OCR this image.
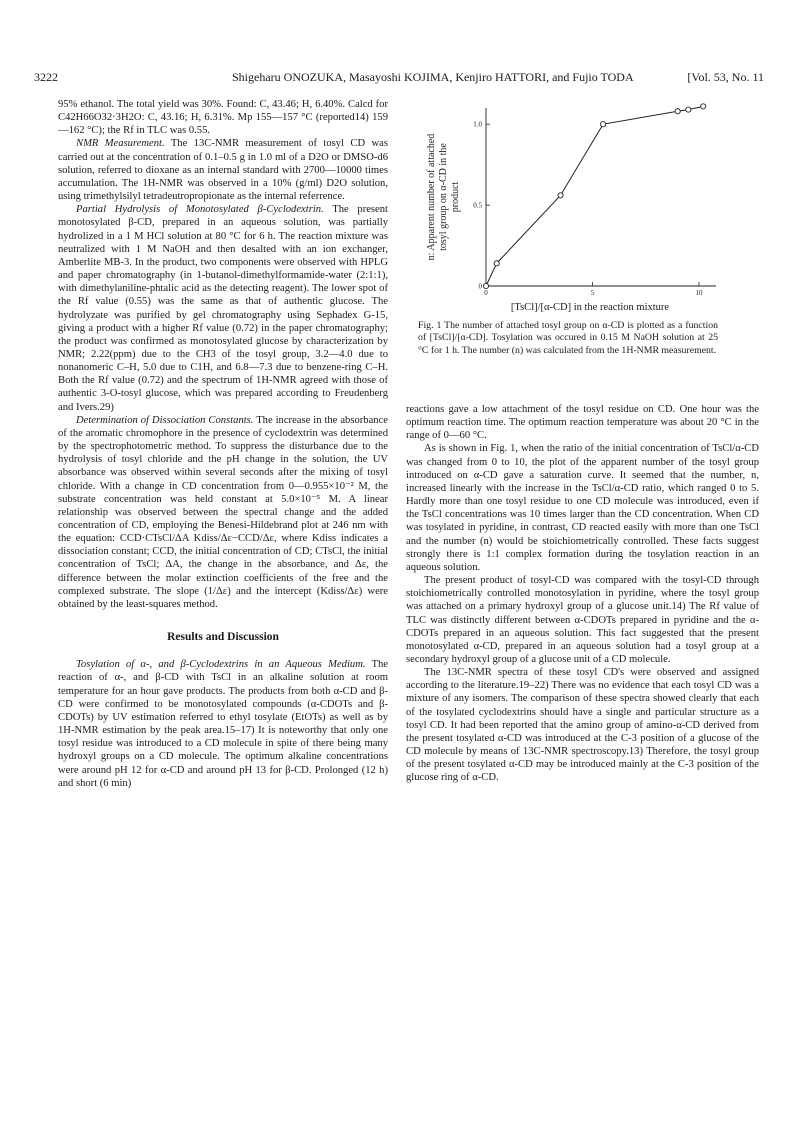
3222	Shigeharu ONOZUKA, Masayoshi KOJIMA, Kenjiro HATTORI, and Fujio TODA	[Vol. 53, No. 11

95% ethanol. The total yield was 30%. Found: C, 43.46; H, 6.40%. Calcd for C42H66O32·3H2O: C, 43.16; H, 6.31%. Mp 155—157 °C (reported14) 159—162 °C); the Rf in TLC was 0.55.

NMR Measurement. The 13C-NMR measurement of tosyl CD was carried out at the concentration of 0.1–0.5 g in 1.0 ml of a D2O or DMSO-d6 solution, referred to dioxane as an internal standard with 2700—10000 times accumulation. The 1H-NMR was observed in a 10% (g/ml) D2O solution, using trimethylsilyl tetradeutropropionate as the internal referrence.

Partial Hydrolysis of Monotosylated β-Cyclodextrin. The present monotosylated β-CD, prepared in an aqueous solution, was partially hydrolized in a 1 M HCl solution at 80 °C for 6 h. The reaction mixture was neutralized with 1 M NaOH and then desalted with an ion exchanger, Amberlite MB-3. In the product, two components were observed with HPLG and paper chromatography (in 1-butanol-dimethylformamide-water (2:1:1), with dimethylaniline-phtalic acid as the detecting reagent). The lower spot of the Rf value (0.55) was the same as that of authentic glucose. The hydrolyzate was purified by gel chromatography using Sephadex G-15, giving a product with a higher Rf value (0.72) in the paper chromatography; the product was confirmed as monotosylated glucose by characterization by NMR; 2.22(ppm) due to the CH3 of the tosyl group, 3.2—4.0 due to nonanomeric C–H, 5.0 due to C1H, and 6.8—7.3 due to benzene-ring C–H. Both the Rf value (0.72) and the spectrum of 1H-NMR agreed with those of authentic 3-O-tosyl glucose, which was prepared according to Freudenberg and Ivers.29)

Determination of Dissociation Constants. The increase in the absorbance of the aromatic chromophore in the presence of cyclodextrin was determined by the spectrophotometric method. To suppress the disturbance due to the hydrolysis of tosyl chloride and the pH change in the solution, the UV absorbance was observed within several seconds after the mixing of tosyl chloride. With a change in CD concentration from 0—0.955×10⁻² M, the substrate concentration was held constant at 5.0×10⁻⁵ M. A linear relationship was observed between the spectral change and the added concentration of CD, employing the Benesi-Hildebrand plot at 246 nm with the equation: CCD·CTsCl/ΔA Kdiss/Δε−CCD/Δε, where Kdiss indicates a dissociation constant; CCD, the initial concentration of CD; CTsCl, the initial concentration of TsCl; ΔA, the change in the absorbance, and Δε, the difference between the molar extinction coefficients of the free and the complexed substrate. The slope (1/Δε) and the intercept (Kdiss/Δε) were obtained by the least-squares method.

Results and Discussion

Tosylation of α-, and β-Cyclodextrins in an Aqueous Medium. The reaction of α-, and β-CD with TsCl in an alkaline solution at room temperature for an hour gave products. The products from both α-CD and β-CD were confirmed to be monotosylated compounds (α-CDOTs and β-CDOTs) by UV estimation referred to ethyl tosylate (EtOTs) as well as by 1H-NMR estimation by the peak area.15–17) It is noteworthy that only one tosyl residue was introduced to a CD molecule in spite of there being many hydroxyl groups on a CD molecule. The optimum alkaline concentrations were around pH 12 for α-CD and around pH 13 for β-CD. Prolonged (12 h) and short (6 min)

0	5	10
0
0.5
1.0
n: Apparent number of attachedtosyl group on α-CD in theproduct
[TsCl]/[α-CD] in the reaction mixture
Fig. 1 The number of attached tosyl group on α-CD is plotted as a function of [TsCl]/[α-CD]. Tosylation was occured in 0.15 M NaOH solution at 25 °C for 1 h. The number (n) was calculated from the 1H-NMR measurement.

reactions gave a low attachment of the tosyl residue on CD. One hour was the optimum reaction time. The optimum reaction temperature was about 20 °C in the range of 0—60 °C.

As is shown in Fig. 1, when the ratio of the initial concentration of TsCl/α-CD was changed from 0 to 10, the plot of the apparent number of the tosyl group introduced on α-CD gave a saturation curve. It seemed that the number, n, increased linearly with the increase in the TsCl/α-CD ratio, which ranged 0 to 5. Hardly more than one tosyl residue to one CD molecule was introduced, even if the TsCl concentrations was 10 times larger than the CD concentration. When CD was tosylated in pyridine, in contrast, CD reacted easily with more than one TsCl and the number (n) would be stoichiometrically controlled. These facts suggest strongly there is 1:1 complex formation during the tosylation reaction in an aqueous solution.

The present product of tosyl-CD was compared with the tosyl-CD through stoichiometrically controlled monotosylation in pyridine, where the tosyl group was attached on a primary hydroxyl group of a glucose unit.14) The Rf value of TLC was distinctly different between α-CDOTs prepared in pyridine and the α-CDOTs prepared in an aqueous solution. This fact suggested that the present monotosylated α-CD, prepared in an aqueous solution had a tosyl group at a secondary hydroxyl group of a glucose unit of a CD molecule.

The 13C-NMR spectra of these tosyl CD's were observed and assigned according to the literature.19–22) There was no evidence that each tosyl CD was a mixture of any isomers. The comparison of these spectra showed clearly that each of the tosylated cyclodextrins should have a single and particular structure as a tosyl CD. It had been reported that the amino group of amino-α-CD derived from the present tosylated α-CD was introduced at the C-3 position of a glucose of the CD molecule by means of 13C-NMR spectroscopy.13) Therefore, the tosyl group of the present tosylated α-CD may be introduced mainly at the C-3 position of the glucose ring of α-CD.
